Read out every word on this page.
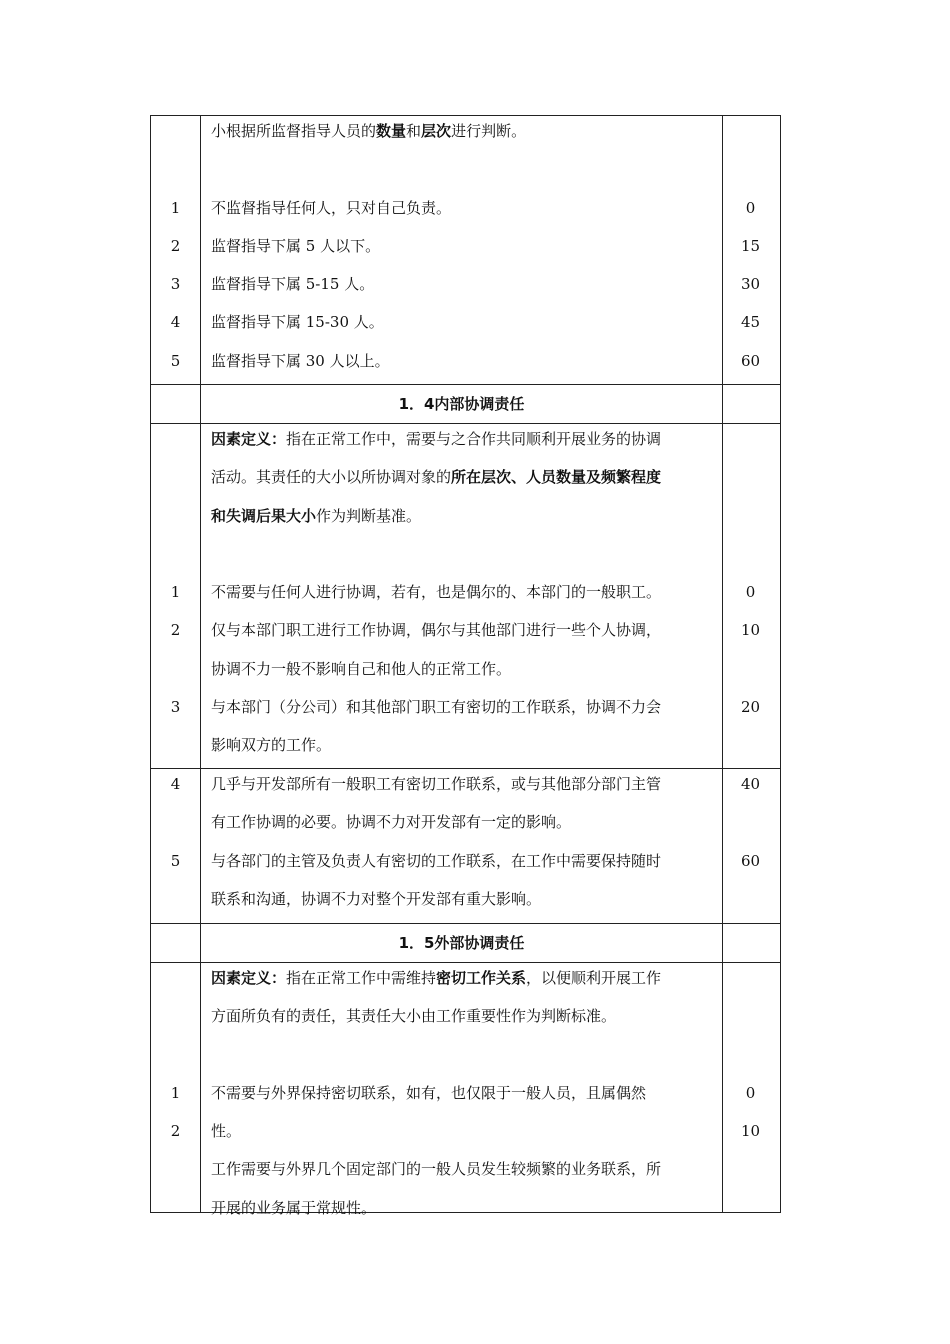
1
2
3
4
5
小根据所监督指导人员的数量和层次进行判断。
不监督指导任何人，只对自己负责。
监督指导下属 5 人以下。
监督指导下属 5-15 人。
监督指导下属 15-30 人。
监督指导下属 30 人以上。
0
15
30
45
60
1．4内部协调责任
1
2
3
因素定义：指在正常工作中，需要与之合作共同顺利开展业务的协调
活动。其责任的大小以所协调对象的所在层次、人员数量及频繁程度
和失调后果大小作为判断基准。
不需要与任何人进行协调，若有，也是偶尔的、本部门的一般职工。
仅与本部门职工进行工作协调，偶尔与其他部门进行一些个人协调，
协调不力一般不影响自己和他人的正常工作。
与本部门（分公司）和其他部门职工有密切的工作联系，协调不力会
影响双方的工作。
0
10
20
4
5
几乎与开发部所有一般职工有密切工作联系，或与其他部分部门主管
有工作协调的必要。协调不力对开发部有一定的影响。
与各部门的主管及负责人有密切的工作联系，在工作中需要保持随时
联系和沟通，协调不力对整个开发部有重大影响。
40
60
1．5外部协调责任
1
2
因素定义：指在正常工作中需维持密切工作关系，以便顺利开展工作
方面所负有的责任，其责任大小由工作重要性作为判断标准。
不需要与外界保持密切联系，如有，也仅限于一般人员，且属偶然
性。
工作需要与外界几个固定部门的一般人员发生较频繁的业务联系，所
开展的业务属于常规性。
0
10
